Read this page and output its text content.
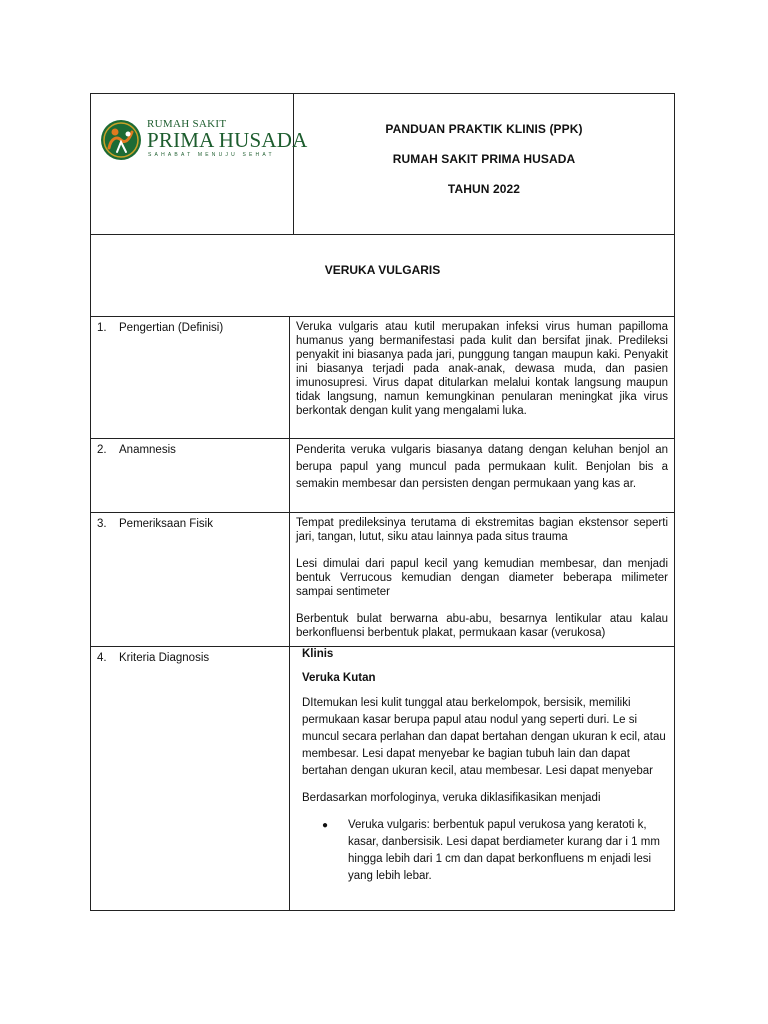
RUMAH SAKIT
PRIMA HUSADA
SAHABAT MENUJU SEHAT
PANDUAN PRAKTIK KLINIS (PPK)
RUMAH SAKIT PRIMA HUSADA
TAHUN 2022
VERUKA VULGARIS
1. Pengertian (Definisi)	Veruka vulgaris atau kutil merupakan infeksi virus human papilloma humanus yang bermanifestasi pada kulit dan bersifat jinak. Predileksi penyakit ini biasanya pada jari, punggung tangan maupun kaki. Penyakit ini biasanya terjadi pada anak-anak, dewasa muda, dan pasien imunosupresi. Virus dapat ditularkan melalui kontak langsung maupun tidak langsung, namun kemungkinan penularan meningkat jika virus berkontak dengan kulit yang mengalami luka.
2. Anamnesis	Penderita veruka vulgaris biasanya datang dengan keluhan benjol an berupa papul yang muncul pada permukaan kulit. Benjolan bis a semakin membesar dan persisten dengan permukaan yang kas ar.
3. Pemeriksaan Fisik	Tempat predileksinya terutama di ekstremitas bagian ekstensor seperti jari, tangan, lutut, siku atau lainnya pada situs trauma
Lesi dimulai dari papul kecil yang kemudian membesar, dan menjadi bentuk Verrucous kemudian dengan diameter beberapa milimeter sampai sentimeter
Berbentuk bulat berwarna abu-abu, besarnya lentikular atau kalau berkonfluensi berbentuk plakat, permukaan kasar (verukosa)
4. Kriteria Diagnosis	Klinis
Veruka Kutan
DItemukan lesi kulit tunggal atau berkelompok, bersisik, memiliki permukaan kasar berupa papul atau nodul yang seperti duri. Le si muncul secara perlahan dan dapat bertahan dengan ukuran k ecil, atau membesar. Lesi dapat menyebar ke bagian tubuh lain dan dapat bertahan dengan ukuran kecil, atau membesar. Lesi dapat menyebar
Berdasarkan morfologinya, veruka diklasifikasikan menjadi
●	Veruka vulgaris: berbentuk papul verukosa yang keratoti k, kasar, danbersisik. Lesi dapat berdiameter kurang dar i 1 mm hingga lebih dari 1 cm dan dapat berkonfluens m enjadi lesi yang lebih lebar.
